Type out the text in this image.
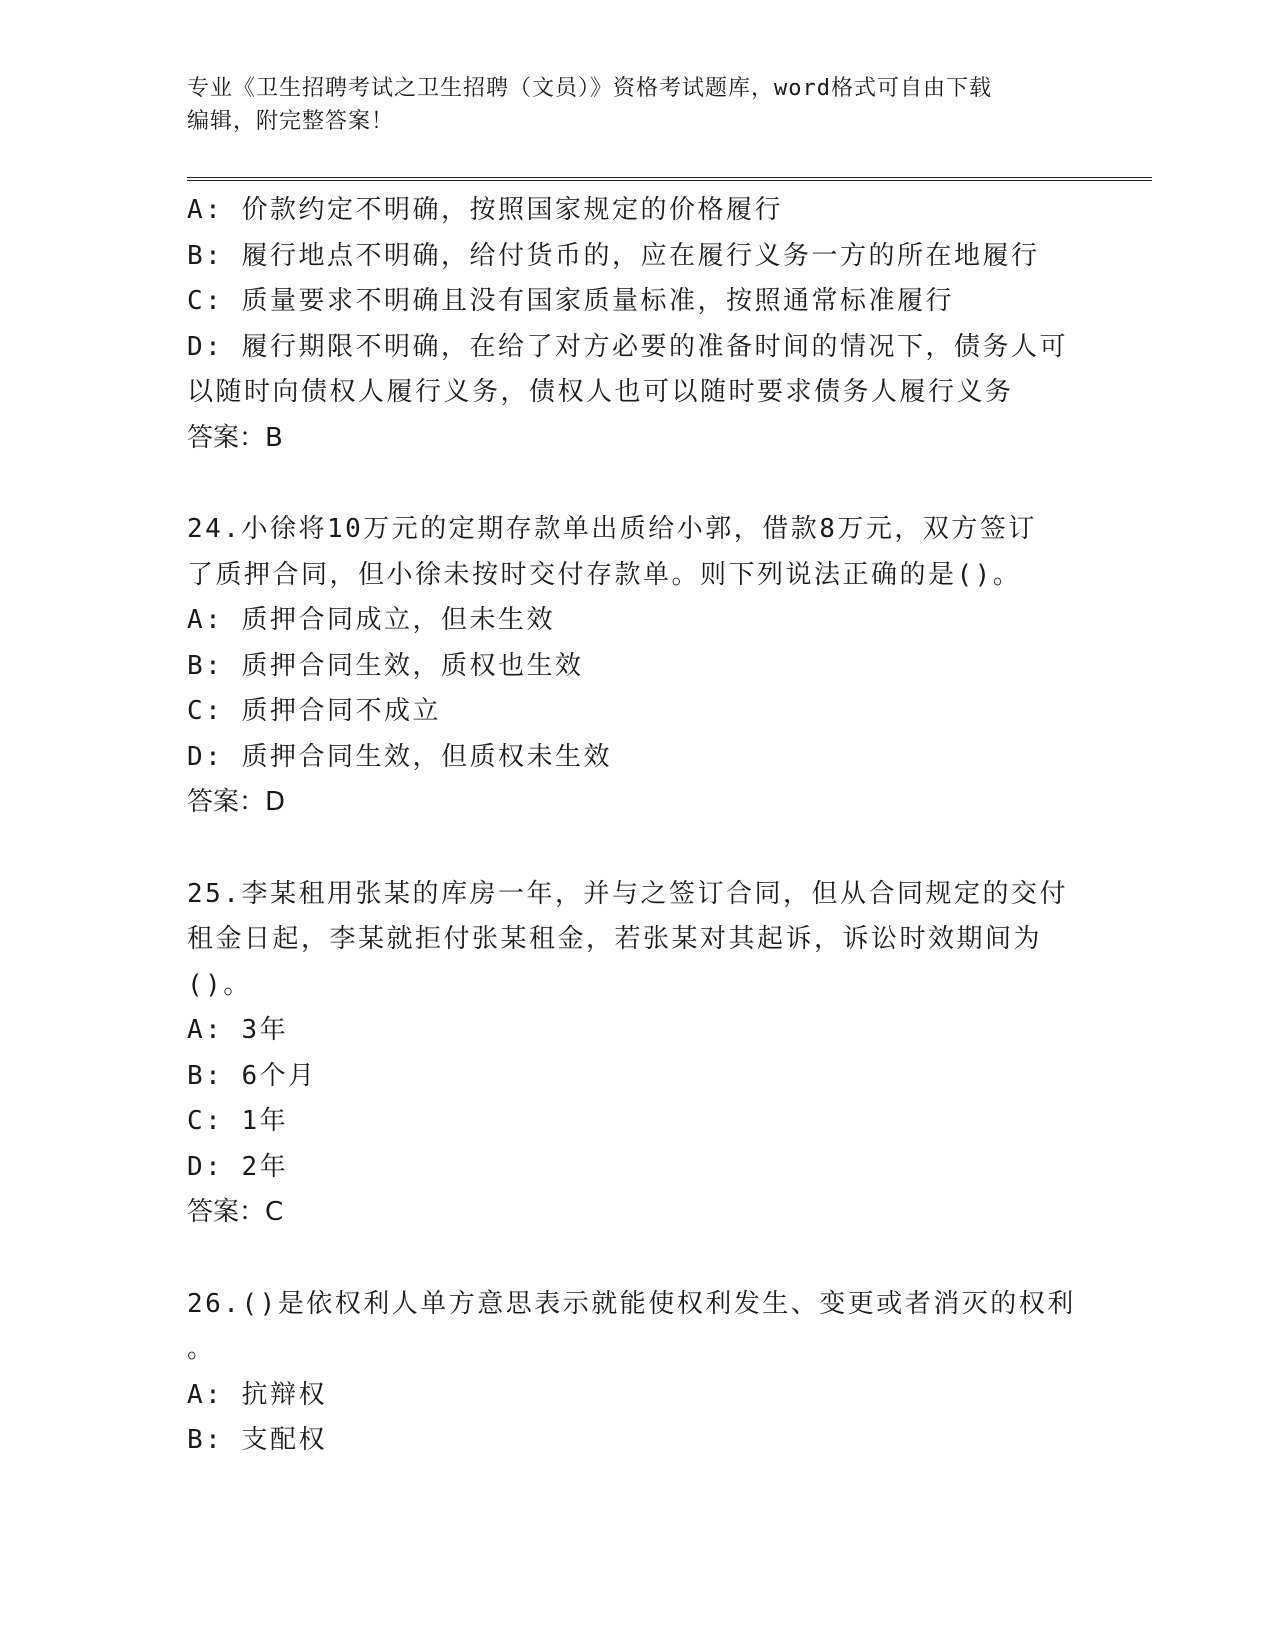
专业《卫生招聘考试之卫生招聘（文员）》资格考试题库，word格式可自由下载
编辑，附完整答案！
A: 价款约定不明确，按照国家规定的价格履行
B: 履行地点不明确，给付货币的，应在履行义务一方的所在地履行
C: 质量要求不明确且没有国家质量标准，按照通常标准履行
D: 履行期限不明确，在给了对方必要的准备时间的情况下，债务人可
以随时向债权人履行义务，债权人也可以随时要求债务人履行义务
答案：B
24.小徐将10万元的定期存款单出质给小郭，借款8万元，双方签订
了质押合同，但小徐未按时交付存款单。则下列说法正确的是()。
A: 质押合同成立，但未生效
B: 质押合同生效，质权也生效
C: 质押合同不成立
D: 质押合同生效，但质权未生效
答案：D
25.李某租用张某的库房一年，并与之签订合同，但从合同规定的交付
租金日起，李某就拒付张某租金，若张某对其起诉，诉讼时效期间为
()。
A: 3年
B: 6个月
C: 1年
D: 2年
答案：C
26.()是依权利人单方意思表示就能使权利发生、变更或者消灭的权利
。
A: 抗辩权
B: 支配权
